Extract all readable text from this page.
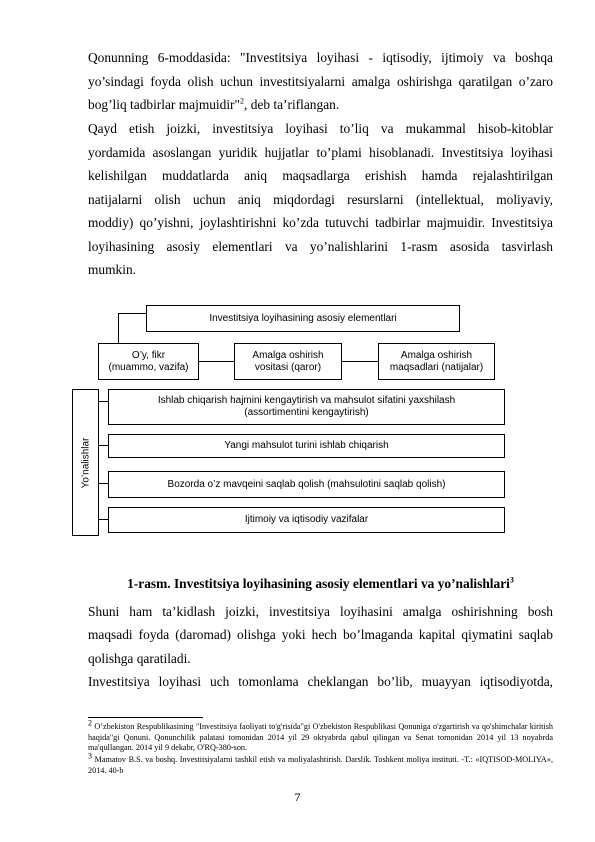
Qonunning 6-moddasida: "Investitsiya loyihasi - iqtisodiy, ijtimoiy va boshqa

yo’sindagi foyda olish uchun investitsiyalarni amalga oshirishga qaratilgan o’zaro

bog’liq tadbirlar majmuidir"$^2$, deb ta’riflangan.

Qayd etish joizki, investitsiya loyihasi to’liq va mukammal hisob-kitoblar

yordamida asoslangan yuridik hujjatlar to’plami hisoblanadi. Investitsiya loyihasi

kelishilgan muddatlarda aniq maqsadlarga erishish hamda rejalashtirilgan

natijalarni olish uchun aniq miqdordagi resurslarni (intellektual, moliyaviy,

moddiy) qo’yishni, joylashtirishni ko’zda tutuvchi tadbirlar majmuidir. Investitsiya

loyihasining asosiy elementlari va yo’nalishlarini 1-rasm asosida tasvirlash

mumkin.

Investitsiya loyihasining asosiy elementlari
O’y, fikr
(muammo, vazifa)
Amalga oshirish
vositasi (qaror)
Amalga oshirish
maqsadlari (natijalar)
Yo’nalishlar
Ishlab chiqarish hajmini kengaytirish va mahsulot sifatini yaxshilash
(assortimentini kengaytirish)
Yangi mahsulot turini ishlab chiqarish
Bozorda o’z mavqeini saqlab qolish (mahsulotini saqlab qolish)
Ijtimoiy va iqtisodiy vazifalar
1-rasm. Investitsiya loyihasining asosiy elementlari va yo’nalishlari$^3$

Shuni ham ta’kidlash joizki, investitsiya loyihasini amalga oshirishning bosh

maqsadi foyda (daromad) olishga yoki hech bo’lmaganda kapital qiymatini saqlab

qolishga qaratiladi.

Investitsiya loyihasi uch tomonlama cheklangan bo’lib, muayyan iqtisodiyotda,

$^2$ O’zbekiston Respublikasining "Investitsiya faoliyati to'g'risida"gi O'zbekiston Respublikasi Qonuniga o'zgartirish va qo'shimchalar kiritish haqida"gi Qonuni. Qonunchilik palatasi tomonidan 2014 yil 29 oktyabrda qabul qilingan va Senat tomonidan 2014 yil 13 noyabrda ma'qullangan. 2014 yil 9 dekabr, O'RQ-380-son.

$^3$ Mamatov B.S. va boshq. Investitsiyalarni tashkil etish va moliyalashtirish. Darslik. Toshkent moliya instituti. -T.: «IQTISOD-MOLIYA», 2014. 40-b

7
